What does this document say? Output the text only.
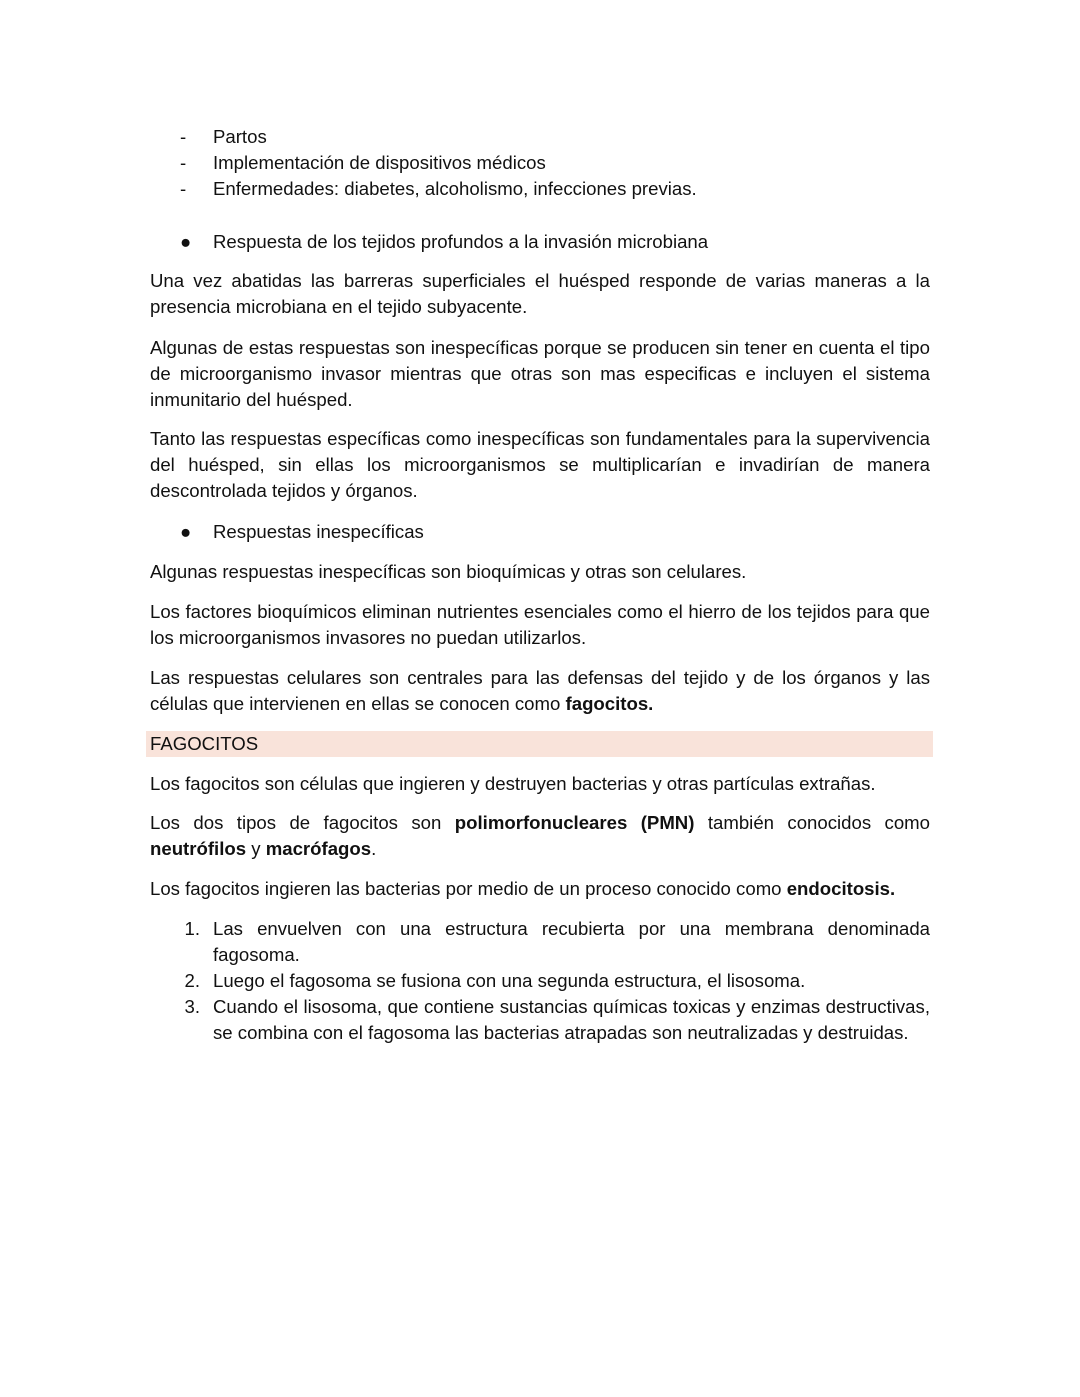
-	Partos
-	Implementación de dispositivos médicos
-	Enfermedades: diabetes, alcoholismo, infecciones previas.
●	Respuesta de los tejidos profundos a la invasión microbiana
Una vez abatidas las barreras superficiales el huésped responde de varias maneras a la presencia microbiana en el tejido subyacente.
Algunas de estas respuestas son inespecíficas porque se producen sin tener en cuenta el tipo de microorganismo invasor mientras que otras son mas especificas e incluyen el sistema inmunitario del huésped.
Tanto las respuestas específicas como inespecíficas son fundamentales para la supervivencia del huésped, sin ellas los microorganismos se multiplicarían e invadirían de manera descontrolada tejidos y órganos.
●	Respuestas inespecíficas
Algunas respuestas inespecíficas son bioquímicas y otras son celulares.
Los factores bioquímicos eliminan nutrientes esenciales como el hierro de los tejidos para que los microorganismos invasores no puedan utilizarlos.
Las respuestas celulares son centrales para las defensas del tejido y de los órganos y las células que intervienen en ellas se conocen como fagocitos.
FAGOCITOS
Los fagocitos son células que ingieren y destruyen bacterias y otras partículas extrañas.
Los dos tipos de fagocitos son polimorfonucleares (PMN) también conocidos como neutrófilos y macrófagos.
Los fagocitos ingieren las bacterias por medio de un proceso conocido como endocitosis.
1. Las envuelven con una estructura recubierta por una membrana denominada fagosoma.
2. Luego el fagosoma se fusiona con una segunda estructura, el lisosoma.
3. Cuando el lisosoma, que contiene sustancias químicas toxicas y enzimas destructivas, se combina con el fagosoma las bacterias atrapadas son neutralizadas y destruidas.
